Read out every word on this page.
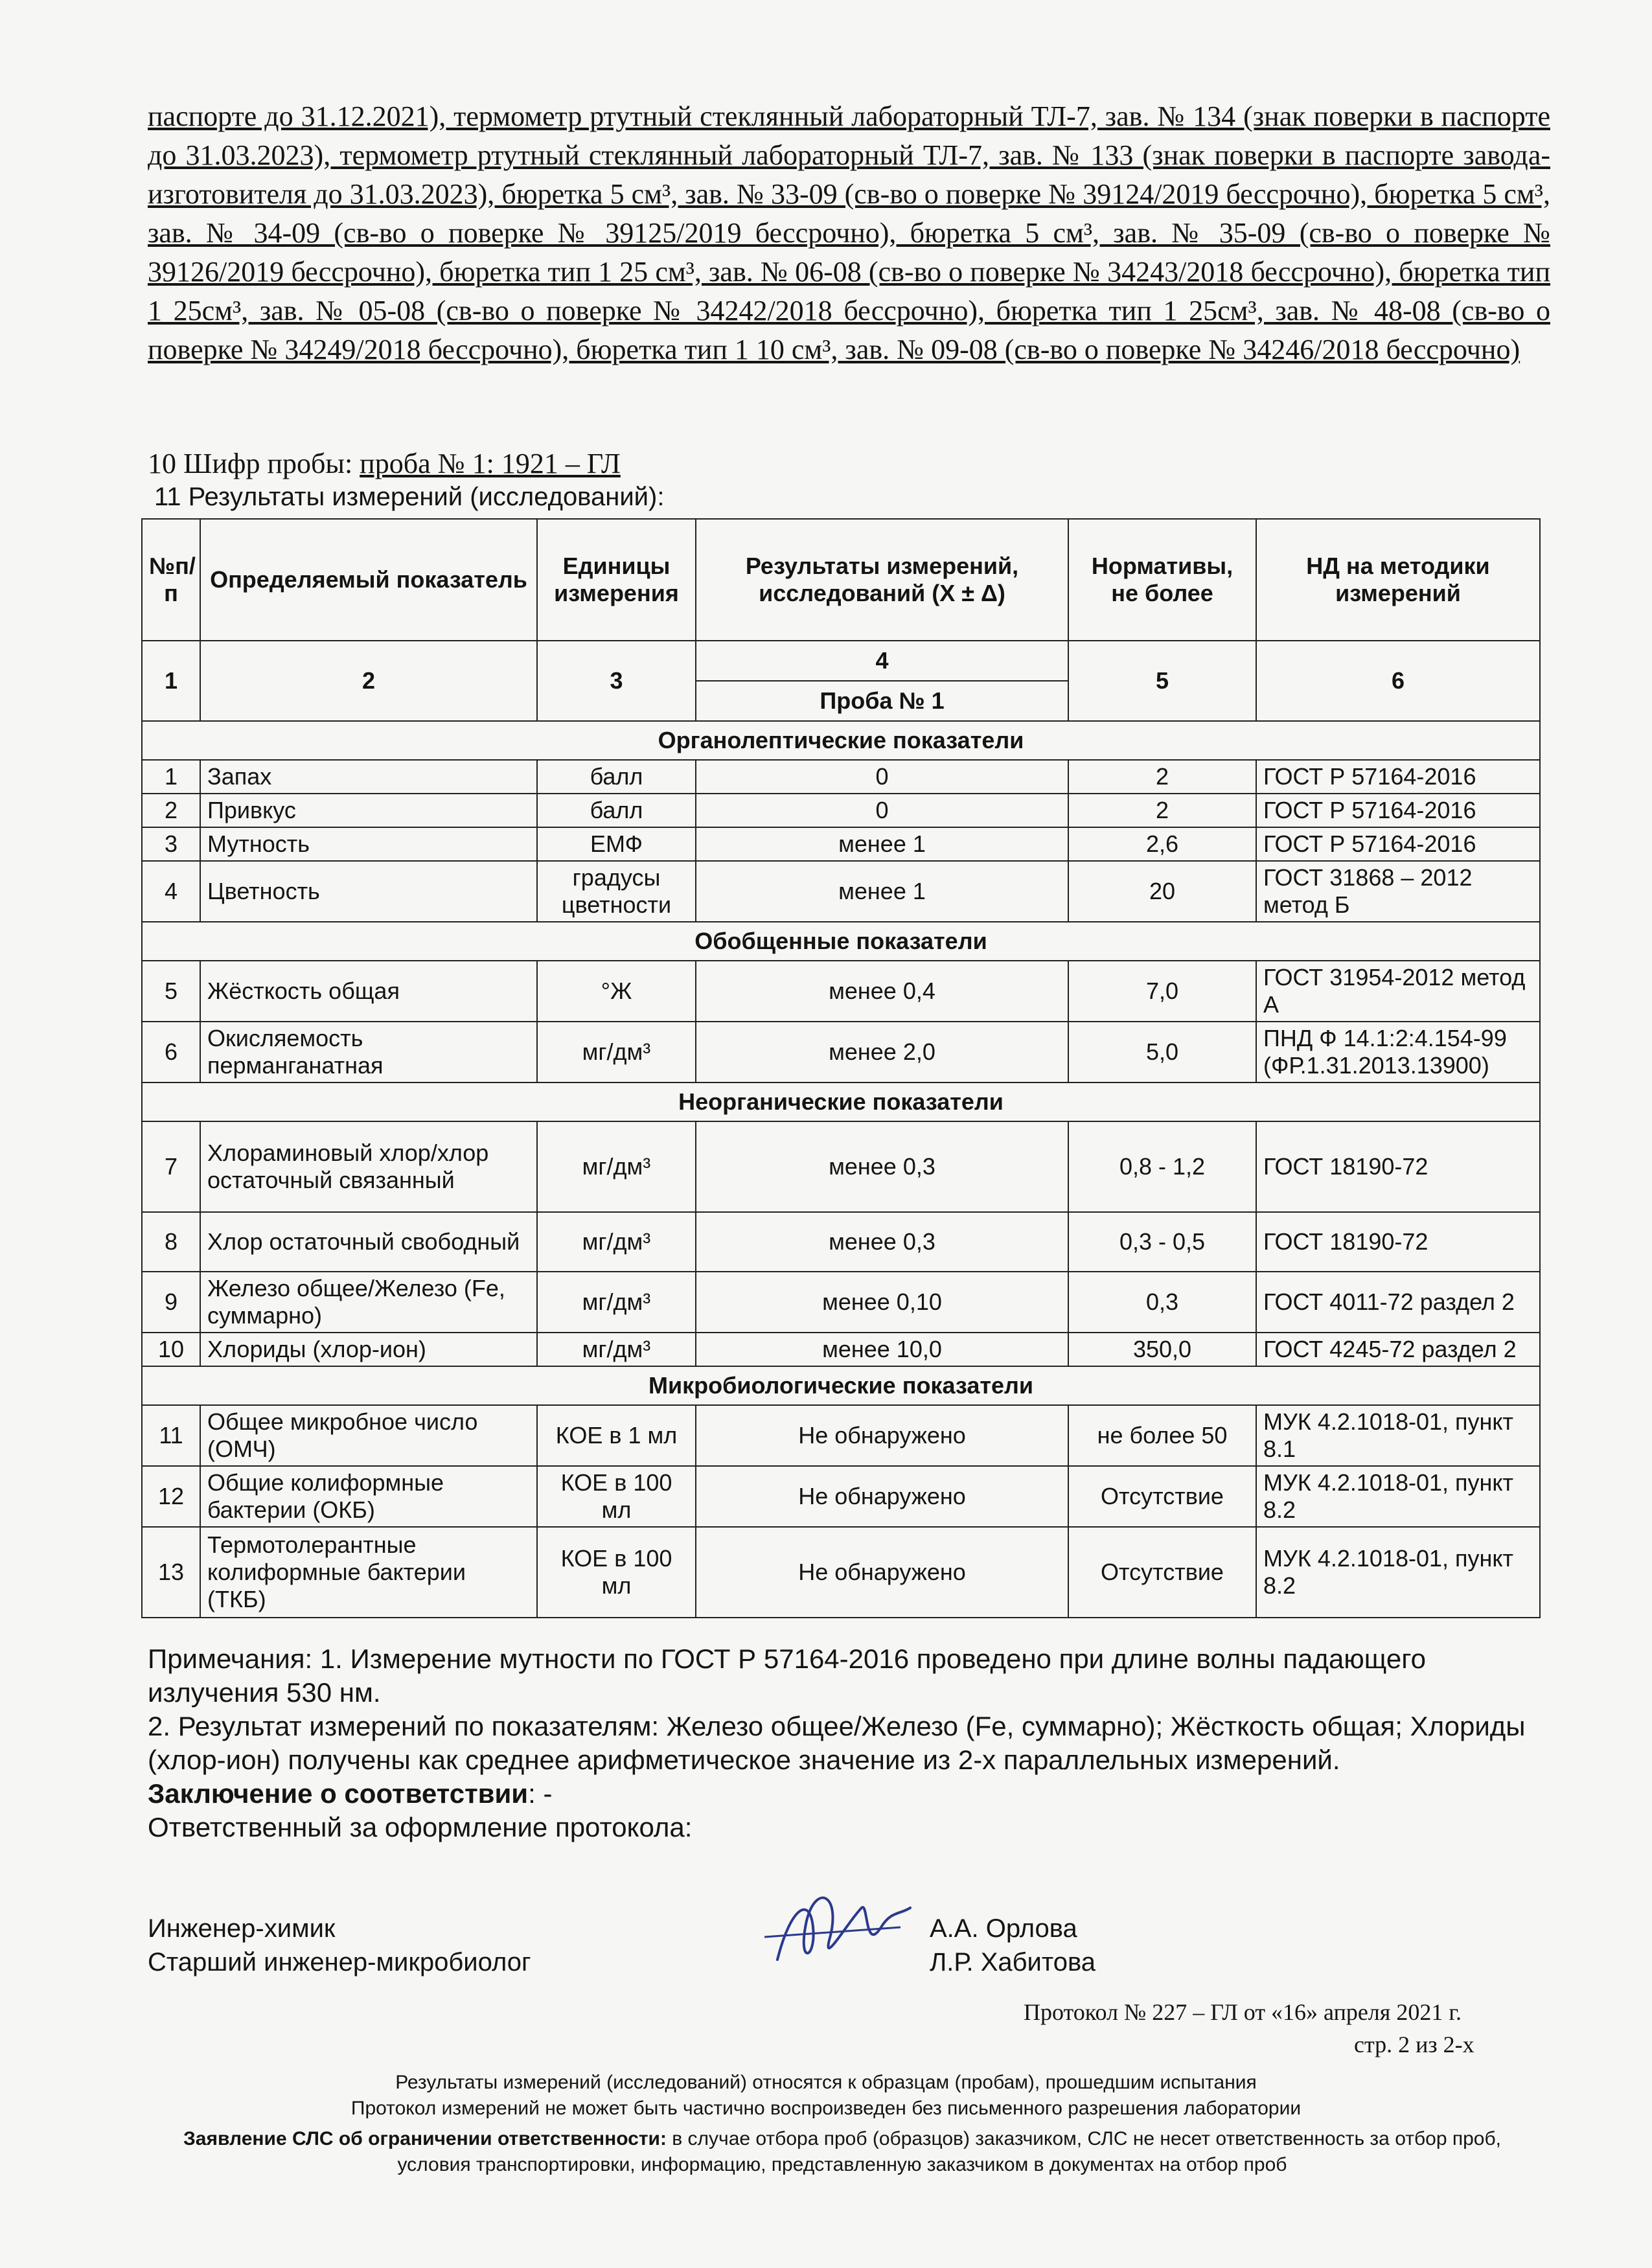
паспорте до 31.12.2021), термометр ртутный стеклянный лабораторный ТЛ-7, зав. № 134 (знак поверки в паспорте до 31.03.2023), термометр ртутный стеклянный лабораторный ТЛ-7, зав. № 133 (знак поверки в паспорте завода-изготовителя до 31.03.2023), бюретка 5 см³, зав. № 33-09 (св-во о поверке № 39124/2019 бессрочно), бюретка 5 см³, зав. № 34-09 (св-во о поверке № 39125/2019 бессрочно), бюретка 5 см³, зав. № 35-09 (св-во о поверке № 39126/2019 бессрочно), бюретка тип 1 25 см³, зав. № 06-08 (св-во о поверке № 34243/2018 бессрочно), бюретка тип 1 25см³, зав. № 05-08 (св-во о поверке № 34242/2018 бессрочно), бюретка тип 1 25см³, зав. № 48-08 (св-во о поверке № 34249/2018 бессрочно), бюретка тип 1 10 см³, зав. № 09-08 (св-во о поверке № 34246/2018 бессрочно)
10 Шифр пробы: проба № 1: 1921 – ГЛ
11 Результаты измерений (исследований):
№п/п	Определяемый показатель	Единицы измерения	Результаты измерений, исследований (X ± Δ)	Нормативы, не более	НД на методики измерений
1	2	3	4	5	6
			Проба № 1		
Органолептические показатели					
1	Запах	балл	0	2	ГОСТ Р 57164-2016
2	Привкус	балл	0	2	ГОСТ Р 57164-2016
3	Мутность	ЕМФ	менее 1	2,6	ГОСТ Р 57164-2016
4	Цветность	градусы цветности	менее 1	20	ГОСТ 31868 – 2012 метод Б
Обобщенные показатели					
5	Жёсткость общая	°Ж	менее 0,4	7,0	ГОСТ 31954-2012 метод А
6	Окисляемость перманганатная	мг/дм³	менее 2,0	5,0	ПНД Ф 14.1:2:4.154-99 (ФР.1.31.2013.13900)
Неорганические показатели					
7	Хлораминовый хлор/хлор остаточный связанный	мг/дм³	менее 0,3	0,8 - 1,2	ГОСТ 18190-72
8	Хлор остаточный свободный	мг/дм³	менее 0,3	0,3 - 0,5	ГОСТ 18190-72
9	Железо общее/Железо (Fe, суммарно)	мг/дм³	менее 0,10	0,3	ГОСТ 4011-72 раздел 2
10	Хлориды (хлор-ион)	мг/дм³	менее 10,0	350,0	ГОСТ 4245-72 раздел 2
Микробиологические показатели					
11	Общее микробное число (ОМЧ)	КОЕ в 1 мл	Не обнаружено	не более 50	МУК 4.2.1018-01, пункт 8.1
12	Общие колиформные бактерии (ОКБ)	КОЕ в 100 мл	Не обнаружено	Отсутствие	МУК 4.2.1018-01, пункт 8.2
13	Термотолерантные колиформные бактерии (ТКБ)	КОЕ в 100 мл	Не обнаружено	Отсутствие	МУК 4.2.1018-01, пункт 8.2

Примечания: 1. Измерение мутности по ГОСТ Р 57164-2016 проведено при длине волны падающего излучения 530 нм.

2. Результат измерений по показателям: Железо общее/Железо (Fe, суммарно); Жёсткость общая; Хлориды (хлор-ион) получены как среднее арифметическое значение из 2-х параллельных измерений.

Заключение о соответствии: -

Ответственный за оформление протокола:

Инженер-химик	А.А. Орлова
Старший инженер-микробиолог	Л.Р. Хабитова
Протокол № 227 – ГЛ от «16» апреля 2021 г.
стр. 2 из 2-х
Результаты измерений (исследований) относятся к образцам (пробам), прошедшим испытания
Протокол измерений не может быть частично воспроизведен без письменного разрешения лаборатории
Заявление СЛС об ограничении ответственности: в случае отбора проб (образцов) заказчиком, СЛС не несет ответственность за отбор проб, условия транспортировки, информацию, представленную заказчиком в документах на отбор проб
